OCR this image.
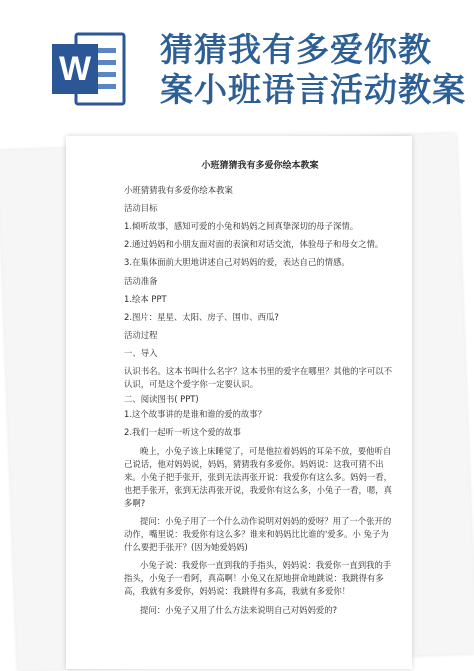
W 猜猜我有多爱你教
案小班语言活动教案
小班猜猜我有多爱你绘本教案
小班猜猜我有多爱你绘本教案
活动目标
1.倾听故事，感知可爱的小兔和妈妈之间真挚深切的母子深情。
2.通过妈妈和小朋友面对面的表演和对话交流，体验母子和母女之情。
3.在集体面前大胆地讲述自己对妈妈的爱，表达自己的情感。
活动准备
1.绘本 PPT
2.图片：星星、太阳、房子、围巾、西瓜?
活动过程
一、导入
认识书名。这本书叫什么名字？这本书里的爱字在哪里？其他的字可以不认识，可是这个爱字你一定要认识。
二、阅读图书( PPT)
1.这个故事讲的是谁和谁的爱的故事？
2.我们一起听一听这个爱的故事
晚上，小兔子该上床睡觉了，可是他拉着妈妈的耳朵不放，要他听自己说话，他对妈妈说，妈妈，猜猜我有多爱你。妈妈说：这我可猜不出来。小兔子把手张开，张到无法再张开说：我爱你有这么多。妈妈一看，也把手张开，张到无法再张开说，我爱你有这么多，小兔子一看，嗯，真多啊?
提问：小兔子用了一个什么动作说明对妈妈的爱呀？用了一个张开的动作，嘴里说：我爱你有这么多？谁来和妈妈比比谁的'爱多。小 兔子为什么要把手张开？(因为她爱妈妈)
小兔子说：我爱你一直到我的手指头，妈妈说：我爱你一直到我的手指头，小兔子一看阿，真高啊！小兔又在原地拼命地跳说：我跳得有多高，我就有多爱你，妈妈说：我跳得有多高，我就有多爱你！
提问：小兔子又用了什么方法来说明自己对妈妈爱的?
